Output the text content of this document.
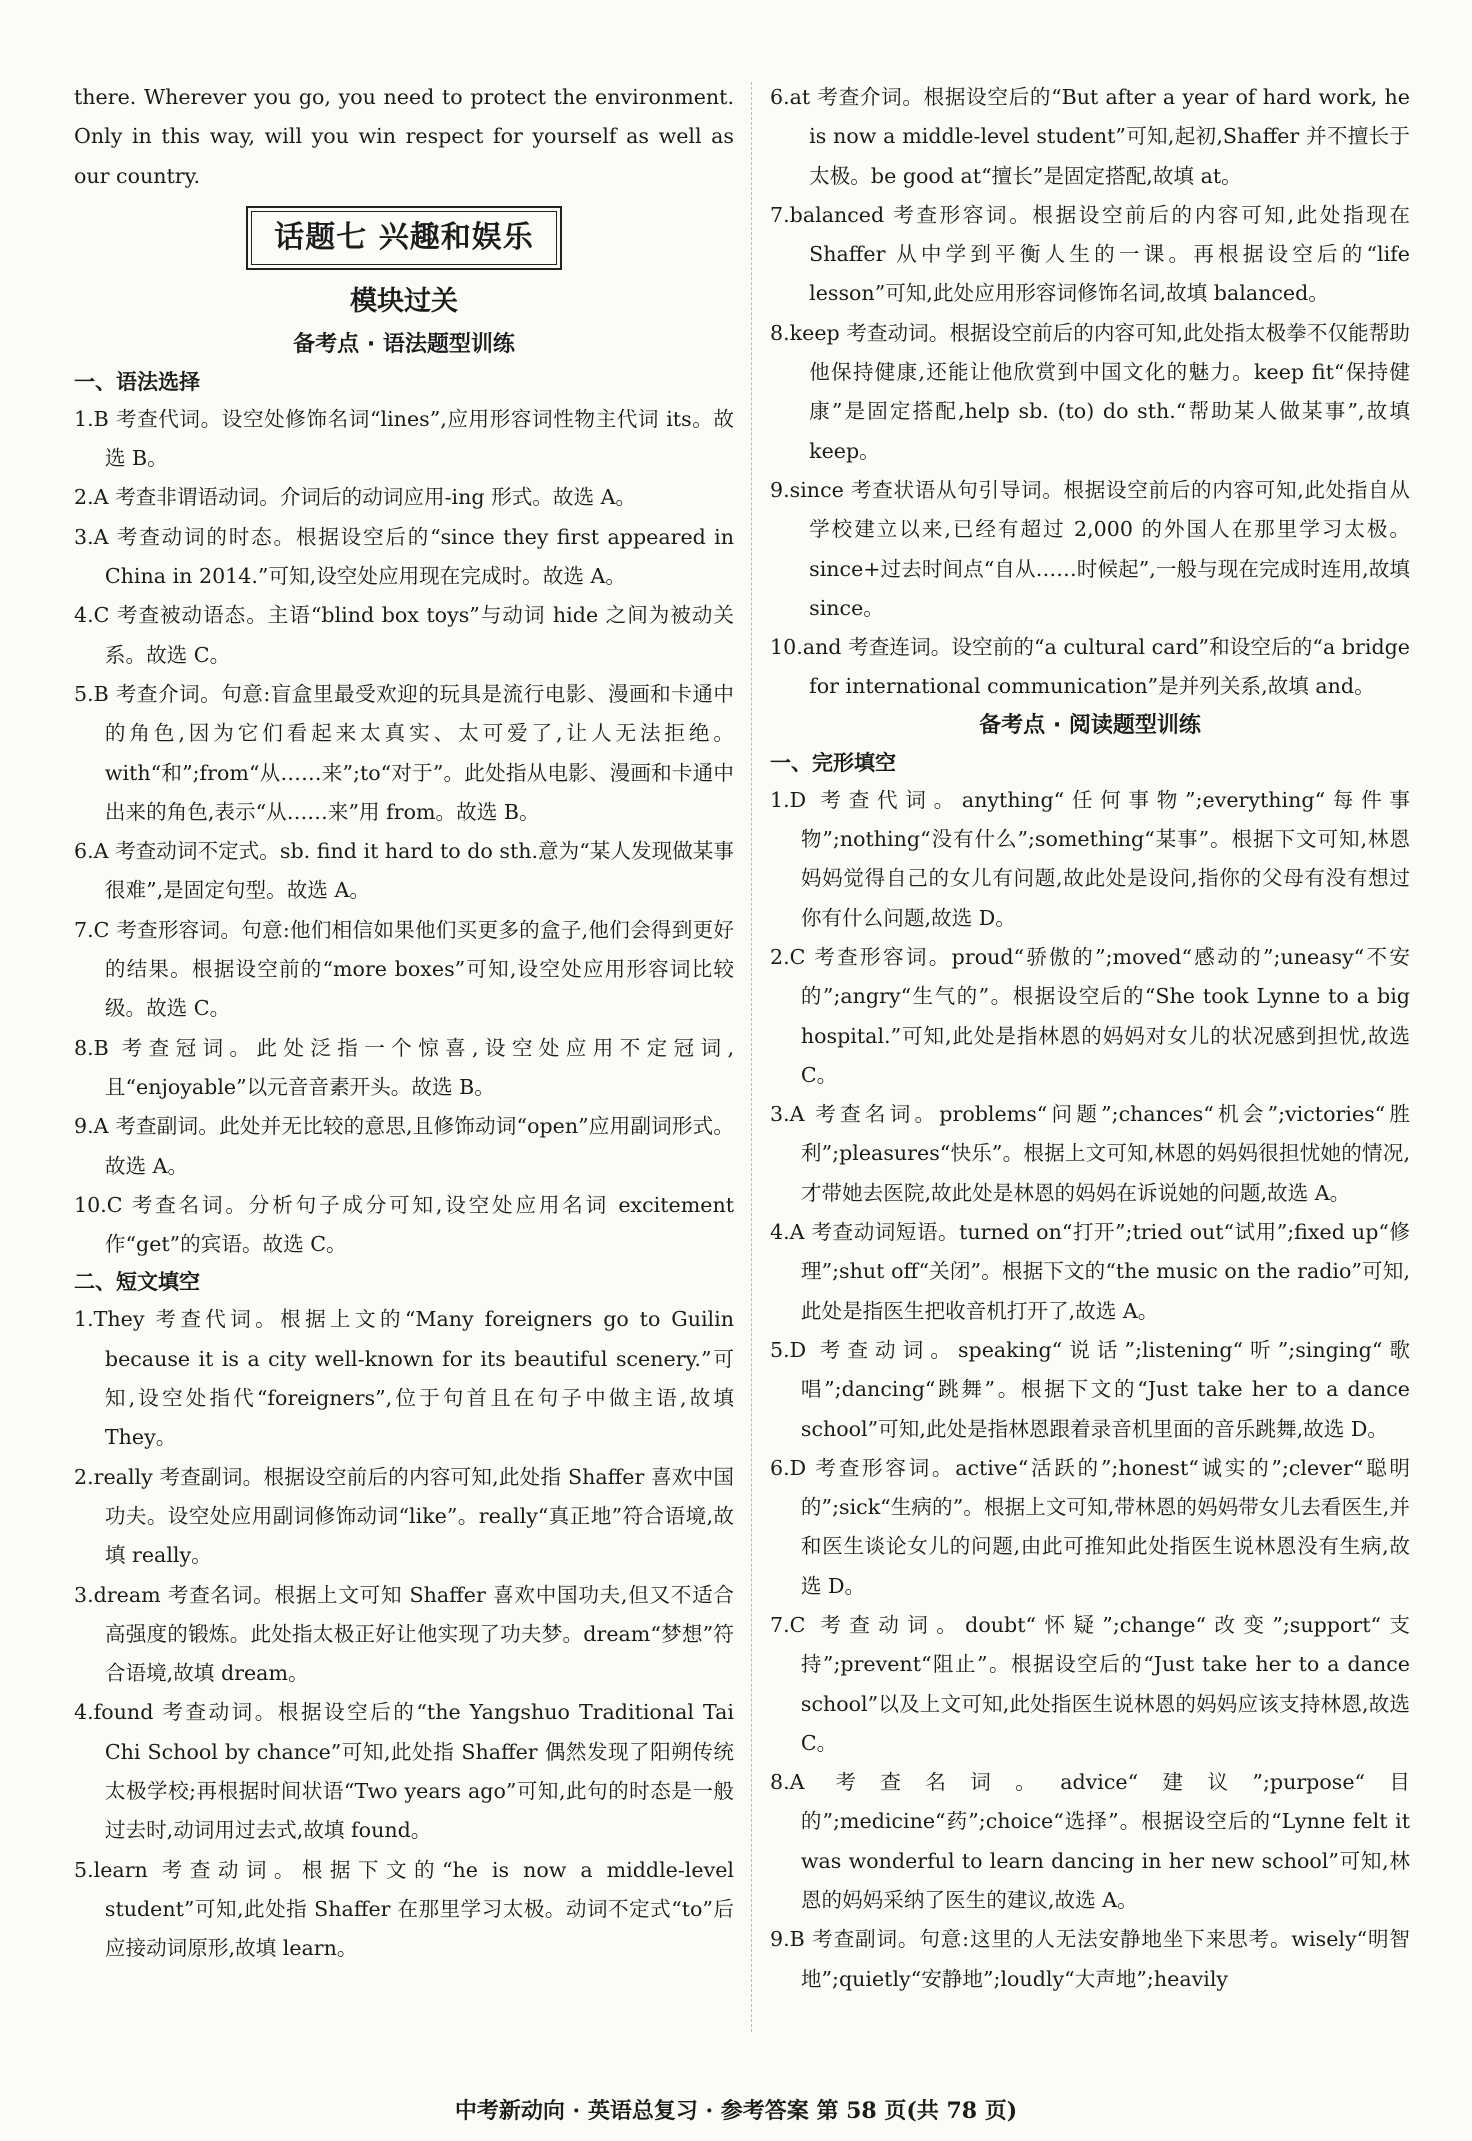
there. Wherever you go, you need to protect the environment. Only in this way, will you win respect for yourself as well as our country.
话题七 兴趣和娱乐
模块过关
备考点 · 语法题型训练
一、语法选择

1.B 考查代词。设空处修饰名词“lines”,应用形容词性物主代词 its。故选 B。

2.A 考查非谓语动词。介词后的动词应用-ing 形式。故选 A。

3.A 考查动词的时态。根据设空后的“since they first appeared in China in 2014.”可知,设空处应用现在完成时。故选 A。

4.C 考查被动语态。主语“blind box toys”与动词 hide 之间为被动关系。故选 C。

5.B 考查介词。句意:盲盒里最受欢迎的玩具是流行电影、漫画和卡通中的角色,因为它们看起来太真实、太可爱了,让人无法拒绝。with“和”;from“从……来”;to“对于”。此处指从电影、漫画和卡通中出来的角色,表示“从……来”用 from。故选 B。

6.A 考查动词不定式。sb. find it hard to do sth.意为“某人发现做某事很难”,是固定句型。故选 A。

7.C 考查形容词。句意:他们相信如果他们买更多的盒子,他们会得到更好的结果。根据设空前的“more boxes”可知,设空处应用形容词比较级。故选 C。

8.B 考查冠词。此处泛指一个惊喜,设空处应用不定冠词,且“enjoyable”以元音音素开头。故选 B。

9.A 考查副词。此处并无比较的意思,且修饰动词“open”应用副词形式。故选 A。

10.C 考查名词。分析句子成分可知,设空处应用名词 excitement 作“get”的宾语。故选 C。

二、短文填空

1.They 考查代词。根据上文的“Many foreigners go to Guilin because it is a city well-known for its beautiful scenery.”可知,设空处指代“foreigners”,位于句首且在句子中做主语,故填 They。

2.really 考查副词。根据设空前后的内容可知,此处指 Shaffer 喜欢中国功夫。设空处应用副词修饰动词“like”。really“真正地”符合语境,故填 really。

3.dream 考查名词。根据上文可知 Shaffer 喜欢中国功夫,但又不适合高强度的锻炼。此处指太极正好让他实现了功夫梦。dream“梦想”符合语境,故填 dream。

4.found 考查动词。根据设空后的“the Yangshuo Traditional Tai Chi School by chance”可知,此处指 Shaffer 偶然发现了阳朔传统太极学校;再根据时间状语“Two years ago”可知,此句的时态是一般过去时,动词用过去式,故填 found。

5.learn 考查动词。根据下文的“he is now a middle-level student”可知,此处指 Shaffer 在那里学习太极。动词不定式“to”后应接动词原形,故填 learn。

6.at 考查介词。根据设空后的“But after a year of hard work, he is now a middle-level student”可知,起初,Shaffer 并不擅长于太极。be good at“擅长”是固定搭配,故填 at。

7.balanced 考查形容词。根据设空前后的内容可知,此处指现在 Shaffer 从中学到平衡人生的一课。再根据设空后的“life lesson”可知,此处应用形容词修饰名词,故填 balanced。

8.keep 考查动词。根据设空前后的内容可知,此处指太极拳不仅能帮助他保持健康,还能让他欣赏到中国文化的魅力。keep fit“保持健康”是固定搭配,help sb. (to) do sth.“帮助某人做某事”,故填 keep。

9.since 考查状语从句引导词。根据设空前后的内容可知,此处指自从学校建立以来,已经有超过 2,000 的外国人在那里学习太极。since+过去时间点“自从……时候起”,一般与现在完成时连用,故填 since。

10.and 考查连词。设空前的“a cultural card”和设空后的“a bridge for international communication”是并列关系,故填 and。

备考点 · 阅读题型训练
一、完形填空

1.D 考查代词。anything“任何事物”;everything“每件事物”;nothing“没有什么”;something“某事”。根据下文可知,林恩妈妈觉得自己的女儿有问题,故此处是设问,指你的父母有没有想过你有什么问题,故选 D。

2.C 考查形容词。proud“骄傲的”;moved“感动的”;uneasy“不安的”;angry“生气的”。根据设空后的“She took Lynne to a big hospital.”可知,此处是指林恩的妈妈对女儿的状况感到担忧,故选 C。

3.A 考查名词。problems“问题”;chances“机会”;victories“胜利”;pleasures“快乐”。根据上文可知,林恩的妈妈很担忧她的情况,才带她去医院,故此处是林恩的妈妈在诉说她的问题,故选 A。

4.A 考查动词短语。turned on“打开”;tried out“试用”;fixed up“修理”;shut off“关闭”。根据下文的“the music on the radio”可知,此处是指医生把收音机打开了,故选 A。

5.D 考查动词。speaking“说话”;listening“听”;singing“歌唱”;dancing“跳舞”。根据下文的“Just take her to a dance school”可知,此处是指林恩跟着录音机里面的音乐跳舞,故选 D。

6.D 考查形容词。active“活跃的”;honest“诚实的”;clever“聪明的”;sick“生病的”。根据上文可知,带林恩的妈妈带女儿去看医生,并和医生谈论女儿的问题,由此可推知此处指医生说林恩没有生病,故选 D。

7.C 考查动词。doubt“怀疑”;change“改变”;support“支持”;prevent“阻止”。根据设空后的“Just take her to a dance school”以及上文可知,此处指医生说林恩的妈妈应该支持林恩,故选 C。

8.A 考查名词。advice“建议”;purpose“目的”;medicine“药”;choice“选择”。根据设空后的“Lynne felt it was wonderful to learn dancing in her new school”可知,林恩的妈妈采纳了医生的建议,故选 A。

9.B 考查副词。句意:这里的人无法安静地坐下来思考。wisely“明智地”;quietly“安静地”;loudly“大声地”;heavily

中考新动向 · 英语总复习 · 参考答案 第 58 页(共 78 页)
